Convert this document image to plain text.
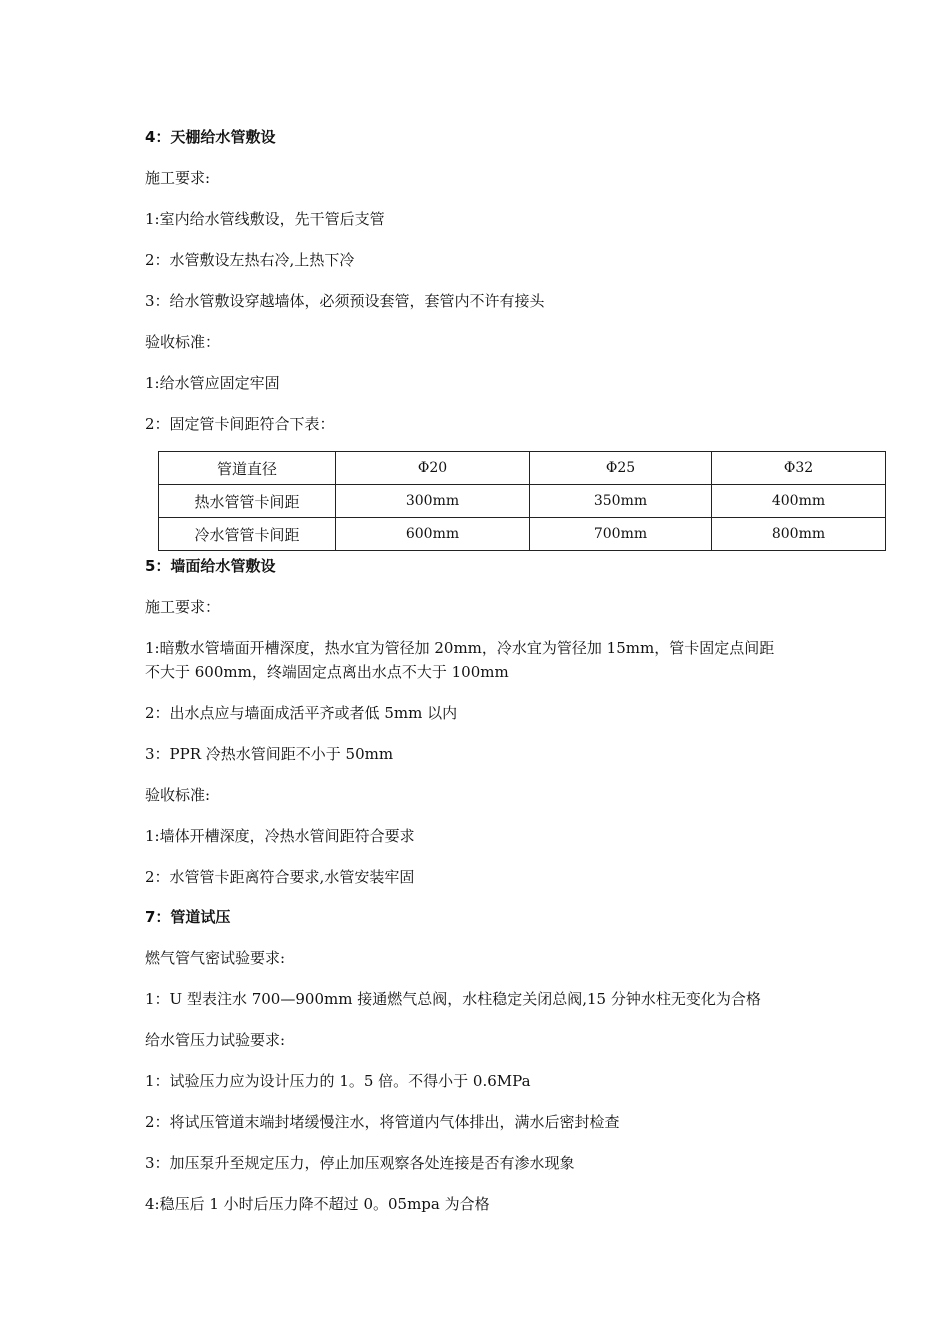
4：天棚给水管敷设
施工要求:
1:室内给水管线敷设，先干管后支管
2：水管敷设左热右冷,上热下冷
3：给水管敷设穿越墙体，必须预设套管，套管内不许有接头
验收标准：
1:给水管应固定牢固
2：固定管卡间距符合下表：
管道直径	Φ20	Φ25	Φ32
热水管管卡间距	300mm	350mm	400mm
冷水管管卡间距	600mm	700mm	800mm
5：墙面给水管敷设
施工要求：
1:暗敷水管墙面开槽深度，热水宜为管径加 20mm，冷水宜为管径加 15mm，管卡固定点间距
不大于 600mm，终端固定点离出水点不大于 100mm
2：出水点应与墙面成活平齐或者低 5mm 以内
3：PPR 冷热水管间距不小于 50mm
验收标准:
1:墙体开槽深度，冷热水管间距符合要求
2：水管管卡距离符合要求,水管安装牢固
7：管道试压
燃气管气密试验要求:
1：U 型表注水 700—900mm 接通燃气总阀，水柱稳定关闭总阀,15 分钟水柱无变化为合格
给水管压力试验要求:
1：试验压力应为设计压力的 1。5 倍。不得小于 0.6MPa
2：将试压管道末端封堵缓慢注水，将管道内气体排出，满水后密封检查
3：加压泵升至规定压力，停止加压观察各处连接是否有渗水现象
4:稳压后 1 小时后压力降不超过 0。05mpa 为合格
